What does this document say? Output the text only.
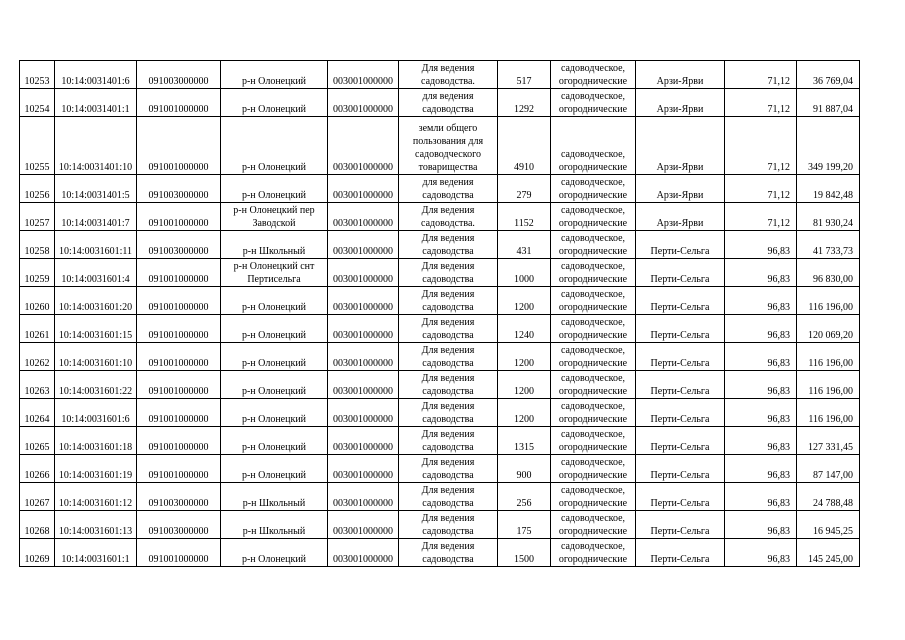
10253	10:14:0031401:6	091003000000	р-н Олонецкий	003001000000	Для ведения садоводства.	517	садоводческое, огороднические	Арзи-Ярви	71,12	36 769,04
10254	10:14:0031401:1	091001000000	р-н Олонецкий	003001000000	для ведения садоводства	1292	садоводческое, огороднические	Арзи-Ярви	71,12	91 887,04
10255	10:14:0031401:10	091001000000	р-н Олонецкий	003001000000	земли общего пользования для садоводческого товарищества	4910	садоводческое, огороднические	Арзи-Ярви	71,12	349 199,20
10256	10:14:0031401:5	091003000000	р-н Олонецкий	003001000000	для ведения садоводства	279	садоводческое, огороднические	Арзи-Ярви	71,12	19 842,48
10257	10:14:0031401:7	091001000000	р-н Олонецкий пер Заводской	003001000000	Для ведения садоводства.	1152	садоводческое, огороднические	Арзи-Ярви	71,12	81 930,24
10258	10:14:0031601:11	091003000000	р-н Школьный	003001000000	Для ведения садоводства	431	садоводческое, огороднические	Перти-Сельга	96,83	41 733,73
10259	10:14:0031601:4	091001000000	р-н Олонецкий снт Пертисельга	003001000000	Для ведения садоводства	1000	садоводческое, огороднические	Перти-Сельга	96,83	96 830,00
10260	10:14:0031601:20	091001000000	р-н Олонецкий	003001000000	Для ведения садоводства	1200	садоводческое, огороднические	Перти-Сельга	96,83	116 196,00
10261	10:14:0031601:15	091001000000	р-н Олонецкий	003001000000	Для ведения садоводства	1240	садоводческое, огороднические	Перти-Сельга	96,83	120 069,20
10262	10:14:0031601:10	091001000000	р-н Олонецкий	003001000000	Для ведения садоводства	1200	садоводческое, огороднические	Перти-Сельга	96,83	116 196,00
10263	10:14:0031601:22	091001000000	р-н Олонецкий	003001000000	Для ведения садоводства	1200	садоводческое, огороднические	Перти-Сельга	96,83	116 196,00
10264	10:14:0031601:6	091001000000	р-н Олонецкий	003001000000	Для ведения садоводства	1200	садоводческое, огороднические	Перти-Сельга	96,83	116 196,00
10265	10:14:0031601:18	091001000000	р-н Олонецкий	003001000000	Для ведения садоводства	1315	садоводческое, огороднические	Перти-Сельга	96,83	127 331,45
10266	10:14:0031601:19	091001000000	р-н Олонецкий	003001000000	Для ведения садоводства	900	садоводческое, огороднические	Перти-Сельга	96,83	87 147,00
10267	10:14:0031601:12	091003000000	р-н Школьный	003001000000	Для ведения садоводства	256	садоводческое, огороднические	Перти-Сельга	96,83	24 788,48
10268	10:14:0031601:13	091003000000	р-н Школьный	003001000000	Для ведения садоводства	175	садоводческое, огороднические	Перти-Сельга	96,83	16 945,25
10269	10:14:0031601:1	091001000000	р-н Олонецкий	003001000000	Для ведения садоводства	1500	садоводческое, огороднические	Перти-Сельга	96,83	145 245,00
